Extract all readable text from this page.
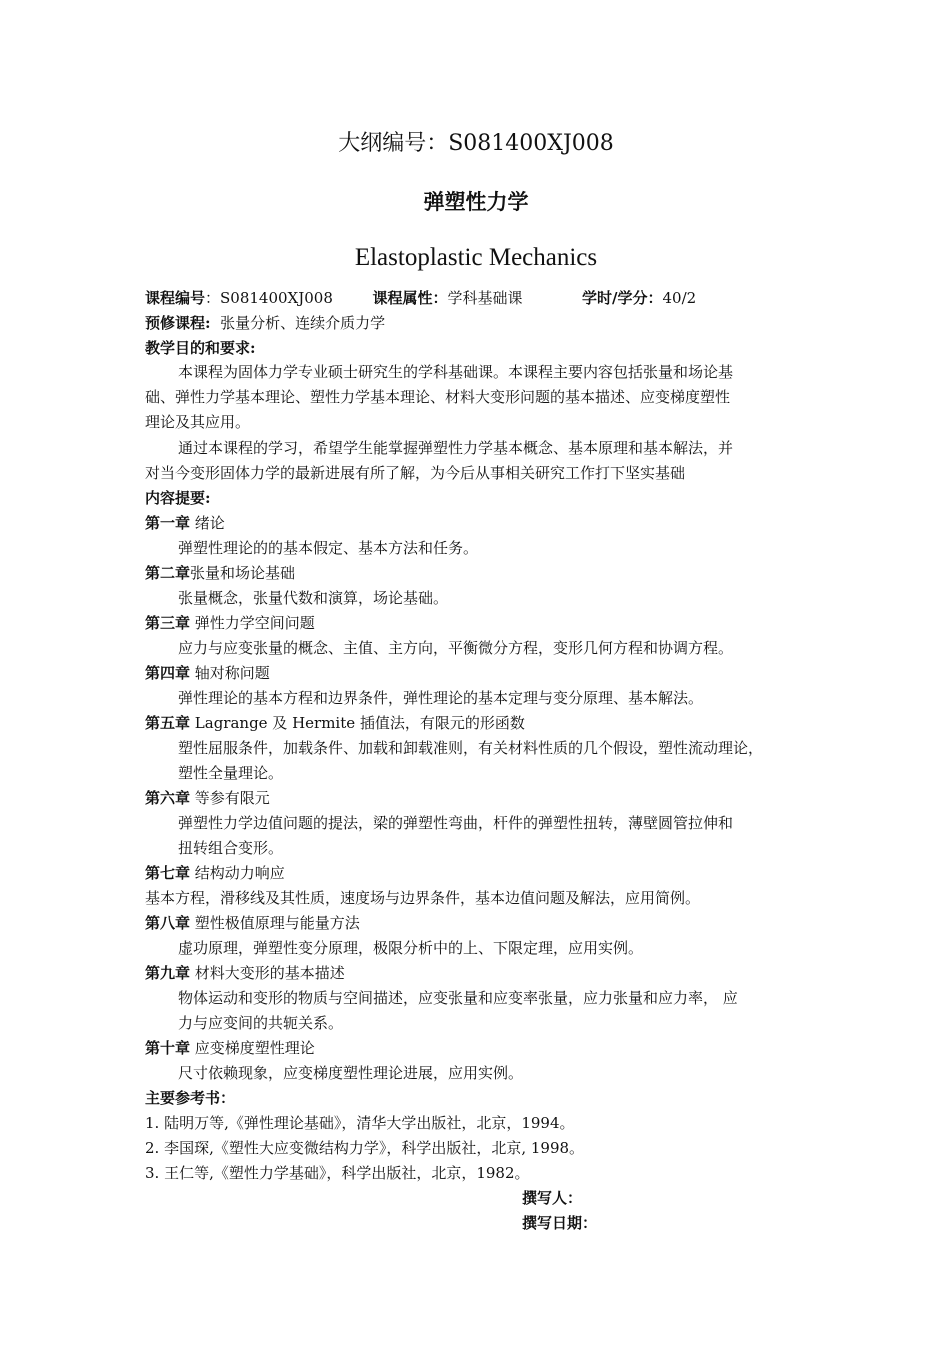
大纲编号：S081400XJ008
弹塑性力学
Elastoplastic Mechanics
课程编号：S081400XJ008	课程属性：学科基础课	学时/学分：40/2
预修课程: 张量分析、连续介质力学
教学目的和要求:
本课程为固体力学专业硕士研究生的学科基础课。本课程主要内容包括张量和场论基
础、弹性力学基本理论、塑性力学基本理论、材料大变形问题的基本描述、应变梯度塑性
理论及其应用。
通过本课程的学习，希望学生能掌握弹塑性力学基本概念、基本原理和基本解法，并
对当今变形固体力学的最新进展有所了解，为今后从事相关研究工作打下坚实基础
内容提要:
第一章 绪论
弹塑性理论的的基本假定、基本方法和任务。
第二章张量和场论基础
张量概念，张量代数和演算，场论基础。
第三章 弹性力学空间问题
应力与应变张量的概念、主值、主方向，平衡微分方程，变形几何方程和协调方程。
第四章 轴对称问题
弹性理论的基本方程和边界条件，弹性理论的基本定理与变分原理、基本解法。
第五章 Lagrange 及 Hermite 插值法，有限元的形函数
塑性屈服条件，加载条件、加载和卸载准则，有关材料性质的几个假设，塑性流动理论，
塑性全量理论。
第六章 等参有限元
弹塑性力学边值问题的提法，梁的弹塑性弯曲，杆件的弹塑性扭转，薄壁圆管拉伸和
扭转组合变形。
第七章 结构动力响应
基本方程，滑移线及其性质，速度场与边界条件，基本边值问题及解法，应用简例。
第八章 塑性极值原理与能量方法
虚功原理，弹塑性变分原理，极限分析中的上、下限定理，应用实例。
第九章 材料大变形的基本描述
物体运动和变形的物质与空间描述，应变张量和应变率张量，应力张量和应力率， 应
力与应变间的共轭关系。
第十章 应变梯度塑性理论
尺寸依赖现象，应变梯度塑性理论进展，应用实例。
主要参考书：
1. 陆明万等,《弹性理论基础》，清华大学出版社，北京，1994。
2. 李国琛,《塑性大应变微结构力学》，科学出版社，北京, 1998。
3. 王仁等,《塑性力学基础》，科学出版社，北京，1982。
撰写人：
撰写日期：
